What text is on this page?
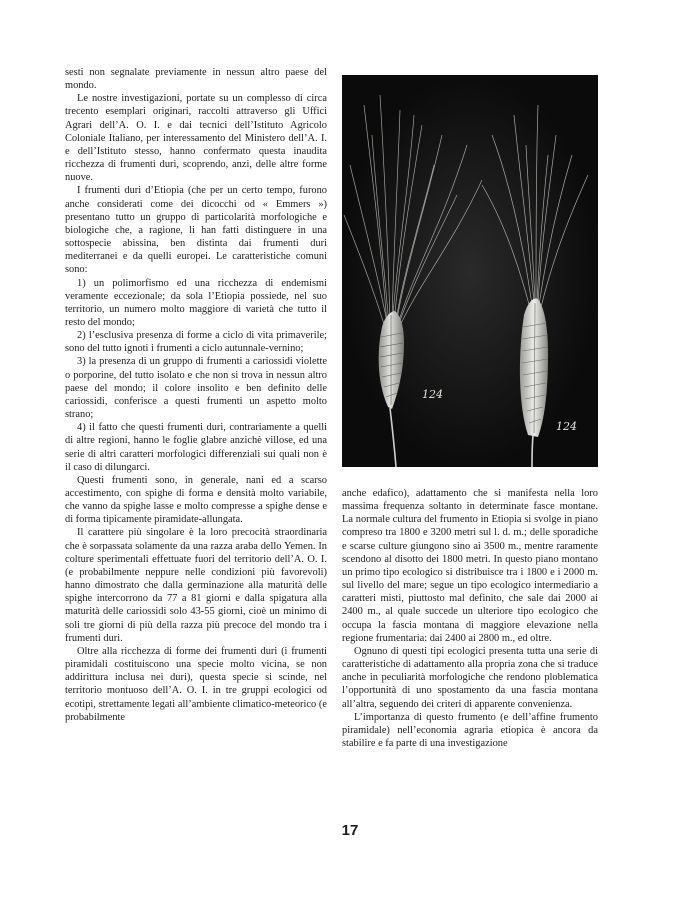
sesti non segnalate previamente in nessun altro paese del mondo.

Le nostre investigazioni, portate su un complesso di circa trecento esemplari originari, raccolti attraverso gli Uffici Agrari dell’A. O. I. e dai tecnici dell’Istituto Agricolo Coloniale Italiano, per interessamento del Ministero dell’A. I. e dell’Istituto stesso, hanno confermato questa inaudita ricchezza di frumenti duri, scoprendo, anzi, delle altre forme nuove.

I frumenti duri d’Etiopia (che per un certo tempo, furono anche considerati come dei dicocchi od « Emmers ») presentano tutto un gruppo di particolarità morfologiche e biologiche che, a ragione, li han fatti distinguere in una sottospecie abissina, ben distinta dai frumenti duri mediterranei e da quelli europei. Le caratteristiche comuni sono:

1) un polimorfismo ed una ricchezza di endemismi veramente eccezionale; da sola l’Etiopia possiede, nel suo territorio, un numero molto maggiore di varietà che tutto il resto del mondo;

2) l’esclusiva presenza di forme a ciclo di vita primaverile; sono del tutto ignoti i frumenti a ciclo autunnale-vernino;

3) la presenza di un gruppo di frumenti a cariossidi violette o porporine, del tutto isolato e che non si trova in nessun altro paese del mondo; il colore insolito e ben definito delle cariossidi, conferisce a questi frumenti un aspetto molto strano;

4) il fatto che questi frumenti duri, contrariamente a quelli di altre regioni, hanno le foglie glabre anzichè villose, ed una serie di altri caratteri morfologici differenziali sui quali non è il caso di dilungarci.

Questi frumenti sono, in generale, nani ed a scarso accestimento, con spighe di forma e densità molto variabile, che vanno da spighe lasse e molto compresse a spighe dense e di forma tipicamente piramidate-allungata.

Il carattere più singolare è la loro precocità straordinaria che è sorpassata solamente da una razza araba dello Yemen. In colture sperimentali effettuate fuori del territorio dell’A. O. I. (e probabilmente neppure nelle condizioni più favorevoli) hanno dimostrato che dalla germinazione alla maturità delle spighe intercorrono da 77 a 81 giorni e dalla spigatura alla maturità delle cariossidi solo 43-55 giorni, cioè un minimo di soli tre giorni di più della razza più precoce del mondo tra i frumenti duri.

Oltre alla ricchezza di forme dei frumenti duri (i frumenti piramidali costituiscono una specie molto vicina, se non addirittura inclusa nei duri), questa specie si scinde, nel territorio montuoso dell’A. O. I. in tre gruppi ecologici od ecotipi, strettamente legati all’ambiente climatico-meteorico (e probabilmente

124
124

anche edafico), adattamento che si manifesta nella loro massima frequenza soltanto in determinate fasce montane. La normale cultura del frumento in Etiopia si svolge in piano compreso tra 1800 e 3200 metri sul l. d. m.; delle sporadiche e scarse culture giungono sino ai 3500 m., mentre raramente scendono al disotto dei 1800 metri. In questo piano montano un primo tipo ecologico si distribuisce tra i 1800 e i 2000 m. sul livello del mare; segue un tipo ecologico intermediario a caratteri misti, piuttosto mal definito, che sale dai 2000 ai 2400 m., al quale succede un ulteriore tipo ecologico che occupa la fascia montana di maggiore elevazione nella regione frumentaria: dai 2400 ai 2800 m., ed oltre.

Ognuno di questi tipi ecologici presenta tutta una serie di caratteristiche di adattamento alla propria zona che si traduce anche in peculiarità morfologiche che rendono ploblematica l’opportunità di uno spostamento da una fascia montana all’altra, seguendo dei criteri di apparente convenienza.

L’importanza di questo frumento (e dell’affine frumento piramidale) nell’economia agraria etiopica è ancora da stabilire e fa parte di una investigazione

17
